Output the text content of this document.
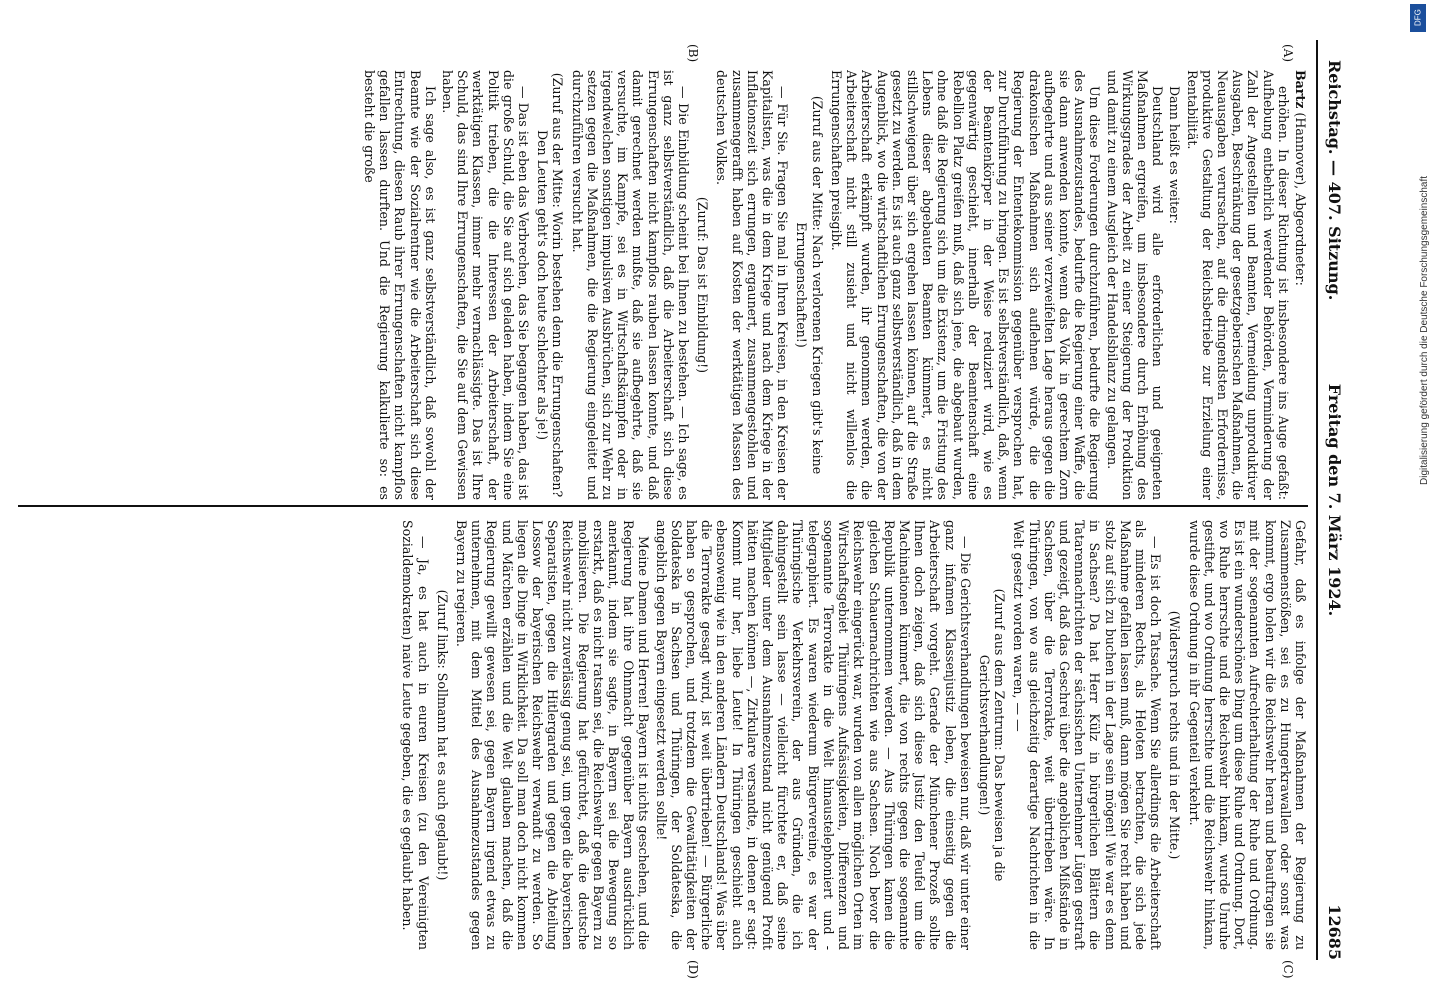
Reichstag. — 407. Sitzung.
Freitag den 7. März 1924.
12685
(A)
(B)
(C)
(D)

Bartz (Hannover), Abgeordneter:

erhöhen. In dieser Richtung ist insbesondere ins Auge gefaßt: Aufhebung entbehrlich werdender Behörden, Verminderung der Zahl der Angestellten und Beamten, Vermeidung unproduktiver Ausgaben, Beschränkung der gesetzgeberischen Maßnahmen, die Neuausgaben verursachen, auf die dringendsten Erfordernisse, produktive Gestaltung der Reichsbetriebe zur Erzielung einer Rentabilität.

Dann heißt es weiter:

Deutschland wird alle erforderlichen und geeigneten Maßnahmen ergreifen, um insbesondere durch Erhöhung des Wirkungsgrades der Arbeit zu einer Steigerung der Produktion und damit zu einem Ausgleich der Handelsbilanz zu gelangen.

Um diese Forderungen durchzuführen, bedurfte die Regierung des Ausnahmezustandes, bedurfte die Regierung einer Waffe, die sie dann anwenden konnte, wenn das Volk in gerechtem Zorn aufbegehrte und aus seiner verzweifelten Lage heraus gegen die drakonischen Maßnahmen sich auflehnen würde, die die Regierung der Ententekommission gegenüber versprochen hat, zur Durchführung zu bringen. Es ist selbstverständlich, daß, wenn der Beamtenkörper in der Weise reduziert wird, wie es gegenwärtig geschieht, innerhalb der Beamtenschaft eine Rebellion Platz greifen muß, daß sich jene, die abgebaut wurden, ohne daß die Regierung sich um die Existenz, um die Fristung des Lebens dieser abgebauten Beamten kümmert, es nicht stillschweigend über sich ergehen lassen können, auf die Straße gesetzt zu werden. Es ist auch ganz selbstverständlich, daß in dem Augenblick, wo die wirtschaftlichen Errungenschaften, die von der Arbeiterschaft erkämpft wurden, ihr genommen werden, die Arbeiterschaft nicht still zusieht und nicht willenlos die Errungenschaften preisgibt.

(Zuruf aus der Mitte: Nach verlorenen Kriegen gibt's keine Errungenschaften!)

— Für Sie. Fragen Sie mal in Ihren Kreisen, in den Kreisen der Kapitalisten, was die in dem Kriege und nach dem Kriege in der Inflationszeit sich errungen, ergaunert, zusammengestohlen und zusammengerafft haben auf Kosten der werktätigen Massen des deutschen Volkes.

(Zuruf: Das ist Einbildung!)

— Die Einbildung scheint bei Ihnen zu bestehen. — Ich sage, es ist ganz selbstverständlich, daß die Arbeiterschaft sich diese Errungenschaften nicht kampflos rauben lassen konnte, und daß damit gerechnet werden mußte, daß sie aufbegehrte, daß sie versuchte, im Kampfe, sei es in Wirtschaftskämpfen oder in irgendwelchen sonstigen impulsiven Ausbrüchen, sich zur Wehr zu setzen gegen die Maßnahmen, die die Regierung eingeleitet und durchzuführen versucht hat.

(Zuruf aus der Mitte: Worin bestehen denn die Errungenschaften? Den Leuten geht's doch heute schlechter als je!)

— Das ist eben das Verbrechen, das Sie begangen haben, das ist die große Schuld, die Sie auf sich geladen haben, indem Sie eine Politik trieben, die die Interessen der Arbeiterschaft, der werktätigen Klassen, immer mehr vernachlässigte. Das ist Ihre Schuld, das sind Ihre Errungenschaften, die Sie auf dem Gewissen haben.

Ich sage also, es ist ganz selbstverständlich, daß sowohl der Beamte wie der Sozialrentner wie die Arbeiterschaft sich diese Entrechtung, diesen Raub ihrer Errungenschaften nicht kampflos gefallen lassen durften. Und die Regierung kalkulierte so: es besteht die große

Gefahr, daß es infolge der Maßnahmen der Regierung zu Zusammenstößen, sei es zu Hungerkrawallen oder sonst was kommt, ergo holen wir die Reichswehr heran und beauftragen sie mit der sogenannten Aufrechterhaltung der Ruhe und Ordnung. Es ist ein wunderschönes Ding um diese Ruhe und Ordnung. Dort, wo Ruhe herrschte und die Reichswehr hinkam, wurde Unruhe gestiftet, und wo Ordnung herrschte und die Reichswehr hinkam, wurde diese Ordnung in ihr Gegenteil verkehrt.

(Widerspruch rechts und in der Mitte.)

— Es ist doch Tatsache. Wenn Sie allerdings die Arbeiterschaft als minderen Rechts, als Heloten betrachten, die sich jede Maßnahme gefallen lassen muß, dann mögen Sie recht haben und stolz auf sich zu buchen in der Lage sein mögen! Wie war es denn in Sachsen? Da hat Herr Külz in bürgerlichen Blättern die Tatarennachrichten der sächsischen Unternehmer Lügen gestraft und gezeigt, daß das Geschrei über die angeblichen Mißstände in Sachsen, über die Terrorakte, weit übertrieben wäre. In Thüringen, von wo aus gleichzeitig derartige Nachrichten in die Welt gesetzt worden waren, — —

(Zuruf aus dem Zentrum: Das beweisen ja die Gerichtsverhandlungen!)

— Die Gerichtsverhandlungen beweisen nur, daß wir unter einer ganz infamen Klassenjustiz leben, die einseitig gegen die Arbeiterschaft vorgeht. Gerade der Münchener Prozeß sollte Ihnen doch zeigen, daß sich diese Justiz den Teufel um die Machinationen kümmert, die von rechts gegen die sogenannte Republik unternommen werden. — Aus Thüringen kamen die gleichen Schauernachrichten wie aus Sachsen. Noch bevor die Reichswehr eingerückt war, wurden von allen möglichen Orten im Wirtschaftsgebiet Thüringens Aufsässigkeiten, Differenzen und sogenannte Terrorakte in die Welt hinaustelephoniert und -telegraphiert. Es waren wiederum Bürgervereine, es war der Thüringische Verkehrsverein, der aus Gründen, die ich dahingestellt sein lasse — vielleicht fürchtete er, daß seine Mitglieder unter dem Ausnahmezustand nicht genügend Profit hätten machen können —, Zirkulare versandte, in denen er sagt: Kommt nur her, liebe Leute! In Thüringen geschieht auch ebensowenig wie in den anderen Ländern Deutschlands! Was über die Terrorakte gesagt wird, ist weit übertrieben! — Bürgerliche haben so gesprochen, und trotzdem die Gewalttätigkeiten der Soldateska in Sachsen und Thüringen, der Soldateska, die angeblich gegen Bayern eingesetzt werden sollte!

Meine Damen und Herren! Bayern ist nichts geschehen, und die Regierung hat ihre Ohnmacht gegenüber Bayern ausdrücklich anerkannt, indem sie sagte, in Bayern sei die Bewegung so erstarkt, daß es nicht ratsam sei, die Reichswehr gegen Bayern zu mobilisieren. Die Regierung hat gefürchtet, daß die deutsche Reichswehr nicht zuverlässig genug sei, um gegen die bayerischen Separatisten, gegen die Hitlergarden und gegen die Abteilung Lossow der bayerischen Reichswehr verwandt zu werden. So liegen die Dinge in Wirklichkeit. Da soll man doch nicht kommen und Märchen erzählen und die Welt glauben machen, daß die Regierung gewillt gewesen sei, gegen Bayern irgend etwas zu unternehmen, mit dem Mittel des Ausnahmezustandes gegen Bayern zu regieren.

(Zuruf links: Sollmann hat es auch geglaubt!)

— Ja, es hat auch in euren Kreisen (zu den Vereinigten Sozialdemokraten) naive Leute gegeben, die es geglaubt haben.

DFG
Digitalisierung gefördert durch die Deutsche Forschungsgemeinschaft
